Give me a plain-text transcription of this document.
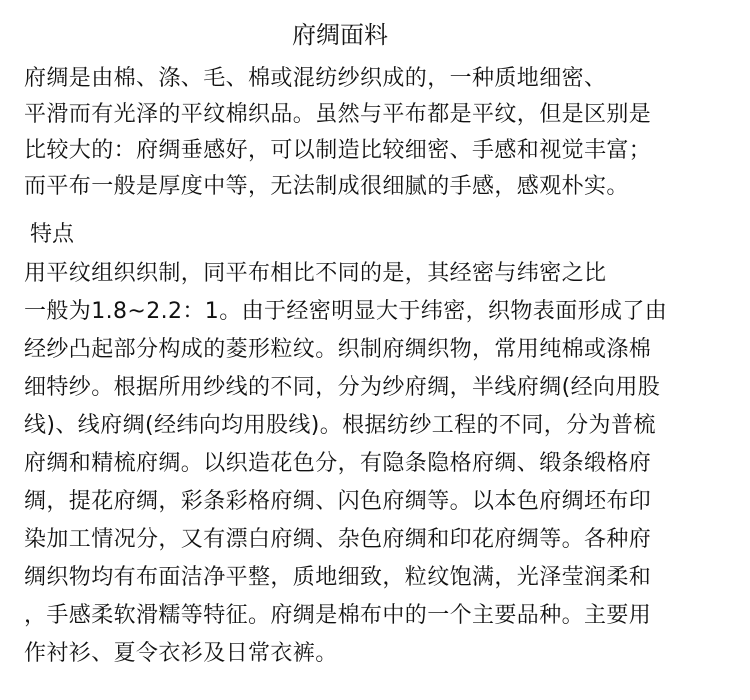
府绸面料
府绸是由棉、涤、毛、棉或混纺纱织成的，一种质地细密、
平滑而有光泽的平纹棉织品。虽然与平布都是平纹，但是区别是
比较大的：府绸垂感好，可以制造比较细密、手感和视觉丰富；
而平布一般是厚度中等，无法制成很细腻的手感，感观朴实。
特点
用平纹组织织制，同平布相比不同的是，其经密与纬密之比
一般为1.8~2.2：1。由于经密明显大于纬密，织物表面形成了由
经纱凸起部分构成的菱形粒纹。织制府绸织物，常用纯棉或涤棉
细特纱。根据所用纱线的不同，分为纱府绸，半线府绸(经向用股
线)、线府绸(经纬向均用股线)。根据纺纱工程的不同，分为普梳
府绸和精梳府绸。以织造花色分，有隐条隐格府绸、缎条缎格府
绸，提花府绸，彩条彩格府绸、闪色府绸等。以本色府绸坯布印
染加工情况分，又有漂白府绸、杂色府绸和印花府绸等。各种府
绸织物均有布面洁净平整，质地细致，粒纹饱满，光泽莹润柔和
，手感柔软滑糯等特征。府绸是棉布中的一个主要品种。主要用
作衬衫、夏令衣衫及日常衣裤。
